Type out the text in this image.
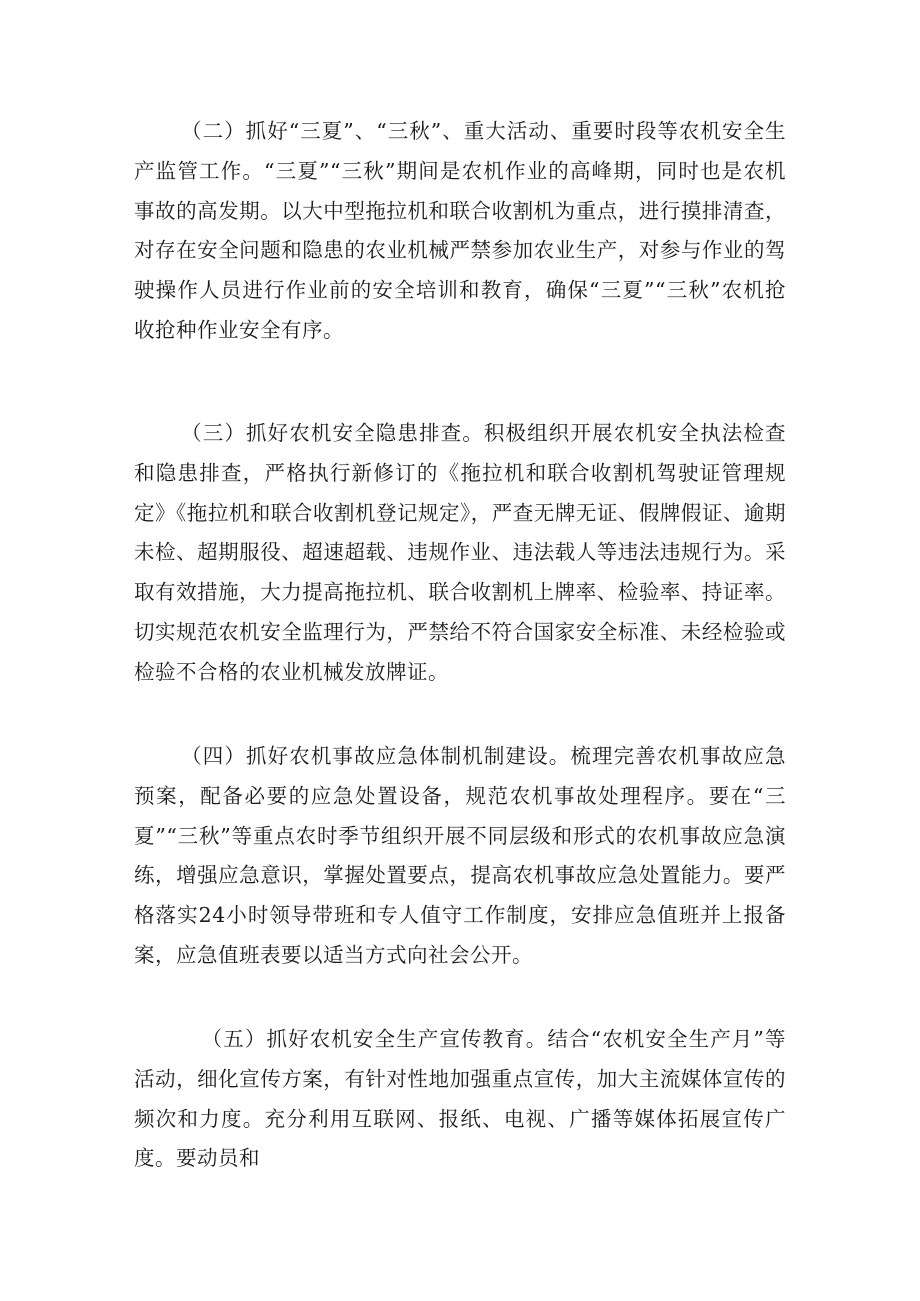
（二）抓好“三夏”、“三秋”、重大活动、重要时段等农机安全生产监管工作。“三夏”“三秋”期间是农机作业的高峰期，同时也是农机事故的高发期。以大中型拖拉机和联合收割机为重点，进行摸排清查，对存在安全问题和隐患的农业机械严禁参加农业生产，对参与作业的驾驶操作人员进行作业前的安全培训和教育，确保“三夏”“三秋”农机抢收抢种作业安全有序。

（三）抓好农机安全隐患排查。积极组织开展农机安全执法检查和隐患排查，严格执行新修订的《拖拉机和联合收割机驾驶证管理规定》《拖拉机和联合收割机登记规定》，严查无牌无证、假牌假证、逾期未检、超期服役、超速超载、违规作业、违法载人等违法违规行为。采取有效措施，大力提高拖拉机、联合收割机上牌率、检验率、持证率。切实规范农机安全监理行为，严禁给不符合国家安全标准、未经检验或检验不合格的农业机械发放牌证。

（四）抓好农机事故应急体制机制建设。梳理完善农机事故应急预案，配备必要的应急处置设备，规范农机事故处理程序。要在“三夏”“三秋”等重点农时季节组织开展不同层级和形式的农机事故应急演练，增强应急意识，掌握处置要点，提高农机事故应急处置能力。要严格落实24小时领导带班和专人值守工作制度，安排应急值班并上报备案，应急值班表要以适当方式向社会公开。

（五）抓好农机安全生产宣传教育。结合“农机安全生产月”等活动，细化宣传方案，有针对性地加强重点宣传，加大主流媒体宣传的频次和力度。充分利用互联网、报纸、电视、广播等媒体拓展宣传广度。要动员和
